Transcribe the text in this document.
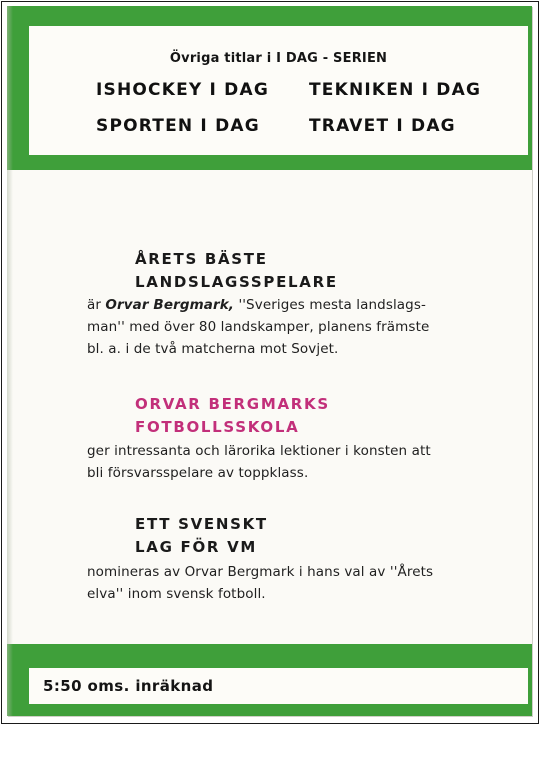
Övriga titlar i I DAG - SERIEN
ISHOCKEY I DAG TEKNIKEN I DAG
SPORTEN I DAG	TRAVET I DAG
ÅRETS BÄSTE
LANDSLAGSSPELARE
är Orvar Bergmark, ''Sveriges mesta landslags-
man'' med över 80 landskamper, planens främste
bl. a. i de två matcherna mot Sovjet.
ORVAR BERGMARKS
FOTBOLLSSKOLA
ger intressanta och lärorika lektioner i konsten att
bli försvarsspelare av toppklass.
ETT SVENSKT
LAG FÖR VM
nomineras av Orvar Bergmark i hans val av ''Årets
elva'' inom svensk fotboll.
5:50 oms. inräknad
